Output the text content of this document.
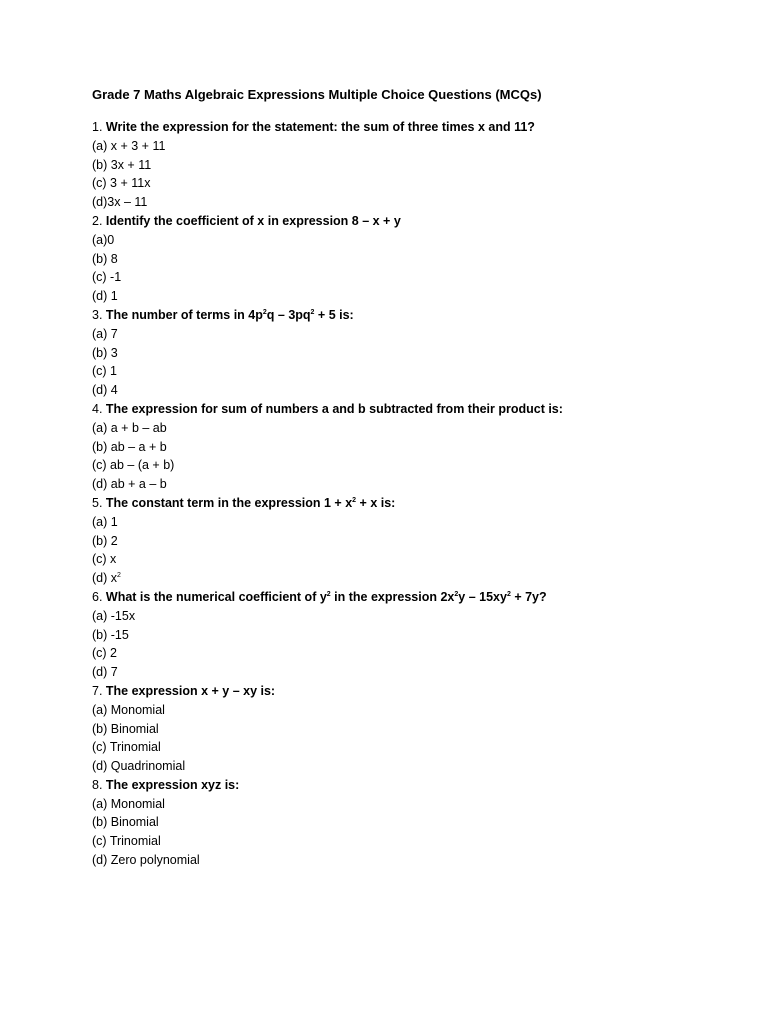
Grade 7 Maths Algebraic Expressions Multiple Choice Questions (MCQs)
1. Write the expression for the statement: the sum of three times x and 11?
(a) x + 3 + 11
(b) 3x + 11
(c) 3 + 11x
(d)3x – 11
2. Identify the coefficient of x in expression 8 – x + y
(a)0
(b) 8
(c) -1
(d) 1
3. The number of terms in $4p^2q - 3pq^2 + 5$ is:
(a) 7
(b) 3
(c) 1
(d) 4
4. The expression for sum of numbers a and b subtracted from their product is:
(a) a + b – ab
(b) ab – a + b
(c) ab – (a + b)
(d) ab + a – b
5. The constant term in the expression $1 + x^2 + x$ is:
(a) 1
(b) 2
(c) x
(d) $x^2$
6. What is the numerical coefficient of $y^2$ in the expression $2x^2y - 15xy^2 + 7y$?
(a) -15x
(b) -15
(c) 2
(d) 7
7. The expression x + y – xy is:
(a) Monomial
(b) Binomial
(c) Trinomial
(d) Quadrinomial
8. The expression xyz is:
(a) Monomial
(b) Binomial
(c) Trinomial
(d) Zero polynomial
